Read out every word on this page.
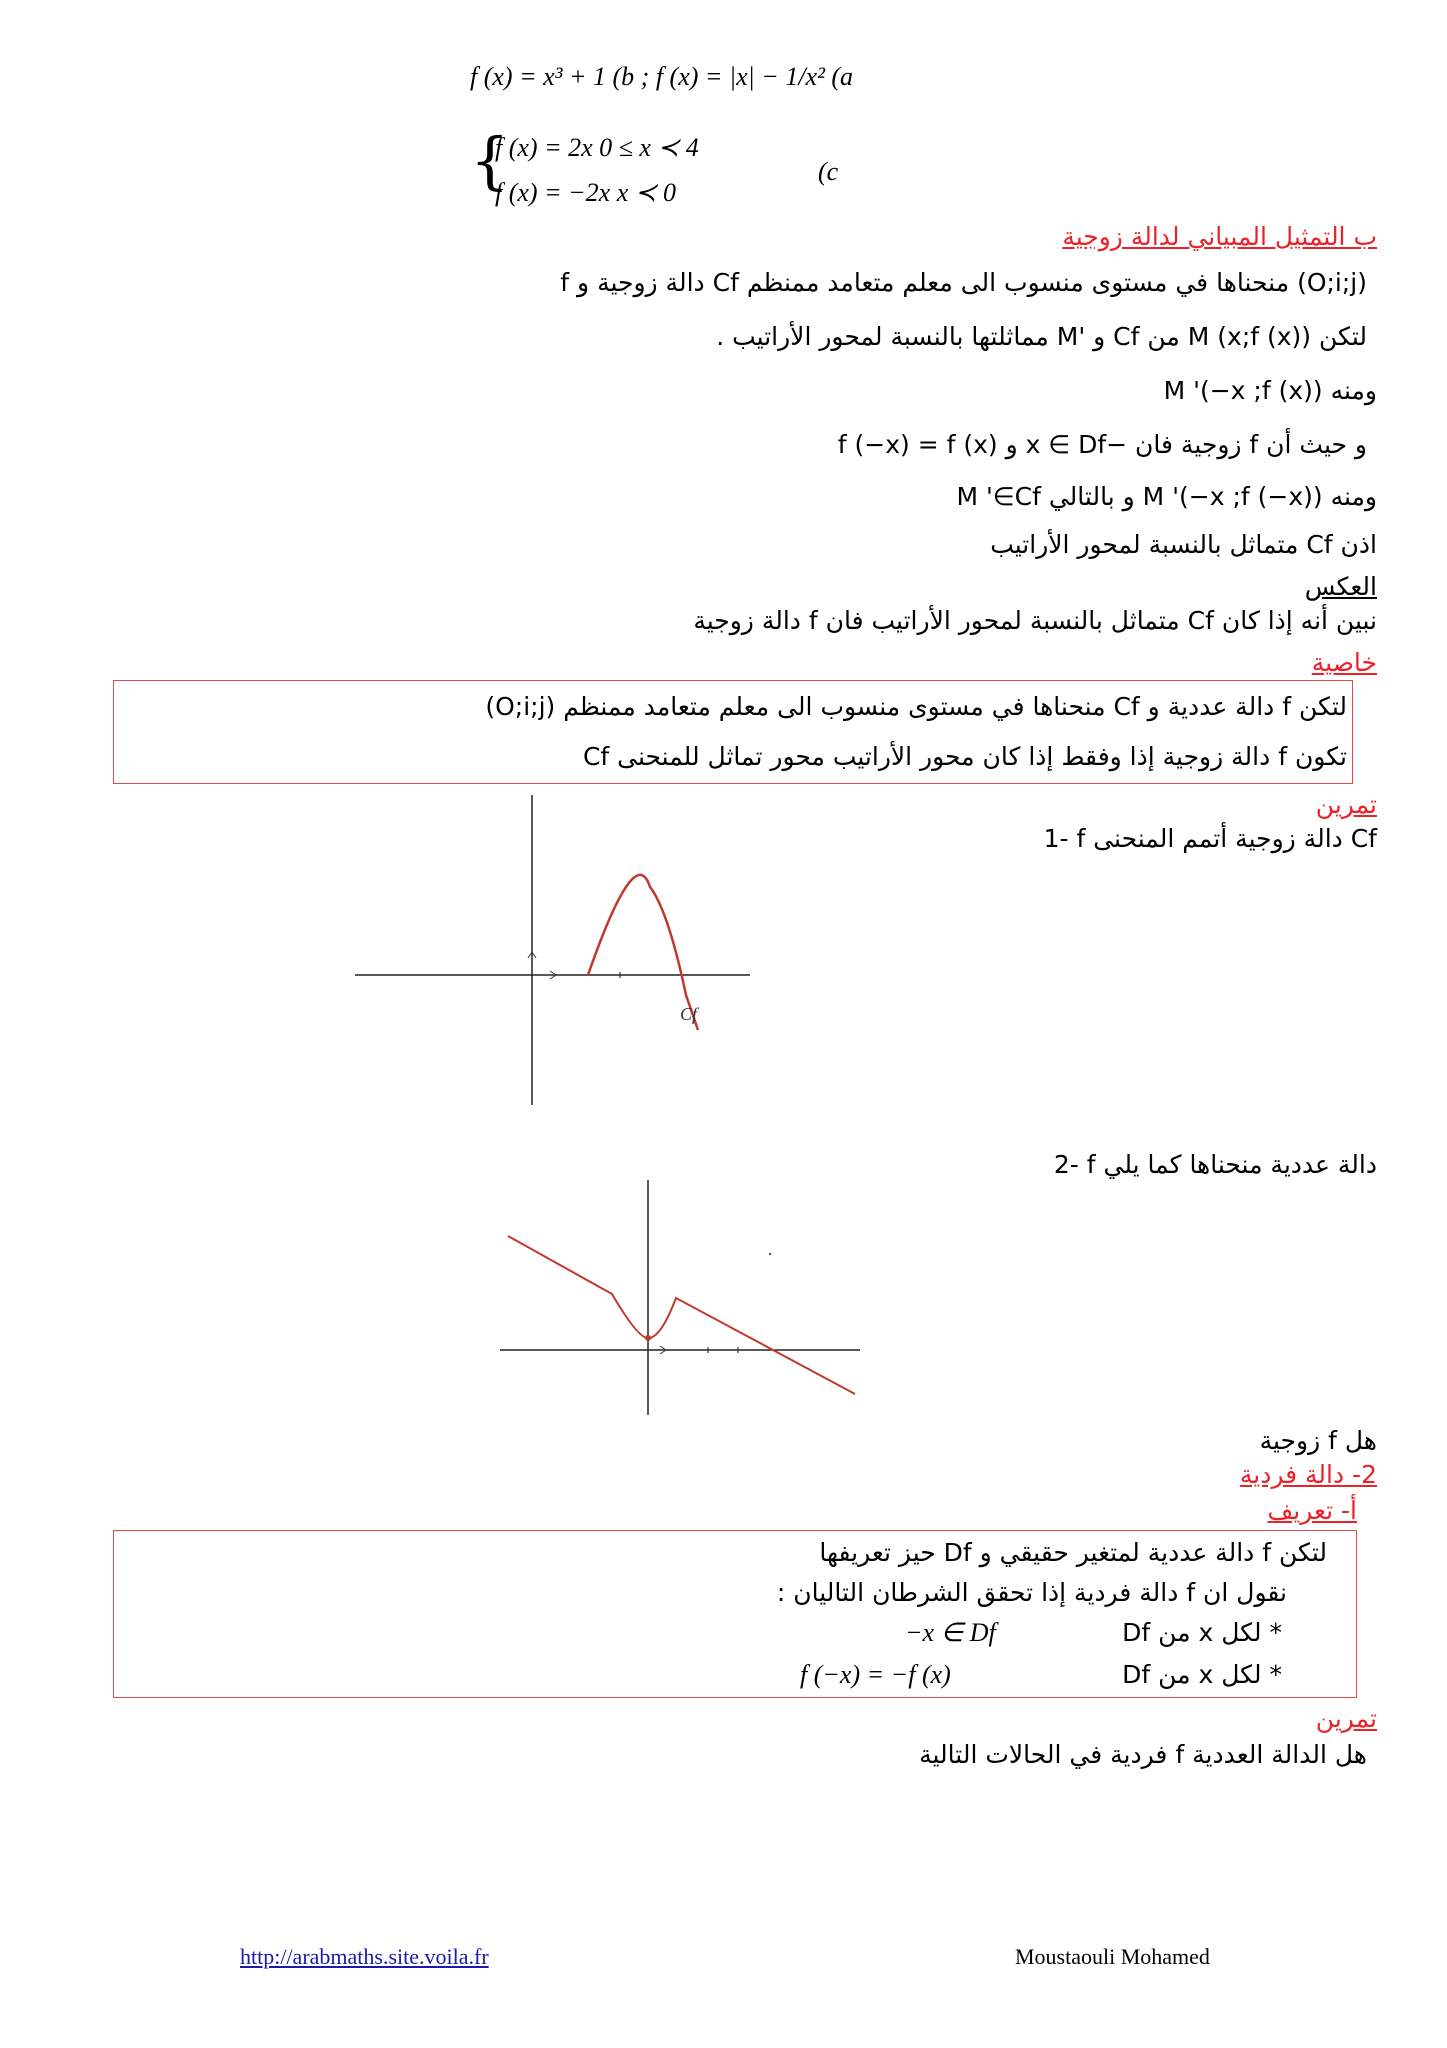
f (x) = x³ + 1 (b ; f (x) = |x| − 1/x² (a
{
f (x) = 2x 0 ≤ x ≺ 4
f (x) = −2x x ≺ 0
(c
ب التمثيل المبياني لدالة زوجية
f دالة زوجية و Cf منحناها في مستوى منسوب الى معلم متعامد ممنظم (O;i;j)
لتكن M (x;f (x)) من Cf و 'M مماثلتها بالنسبة لمحور الأراتيب .
ومنه ((M '(−x ;f (x
و حيث أن f زوجية فان −x ∈ Df و f (−x) = f (x)
ومنه ((M '(−x ;f (−x و بالتالي M '∈Cf
اذن Cf متماثل بالنسبة لمحور الأراتيب
العكس
نبين أنه إذا كان Cf متماثل بالنسبة لمحور الأراتيب فان f دالة زوجية
خاصية
لتكن f دالة عددية و Cf منحناها في مستوى منسوب الى معلم متعامد ممنظم (O;i;j)
تكون f دالة زوجية إذا وفقط إذا كان محور الأراتيب محور تماثل للمنحنى Cf
تمرين
1- f دالة زوجية أتمم المنحنى Cf
Cf
2- f دالة عددية منحناها كما يلي
هل f زوجية
2- دالة فردية
أ- تعريف
لتكن f دالة عددية لمتغير حقيقي و Df حيز تعريفها
نقول ان f دالة فردية إذا تحقق الشرطان التاليان :
* لكل x من Df
−x ∈ Df
* لكل x من Df
f (−x) = −f (x)
تمرين
هل الدالة العددية f فردية في الحالات التالية
http://arabmaths.site.voila.fr	Moustaouli Mohamed
